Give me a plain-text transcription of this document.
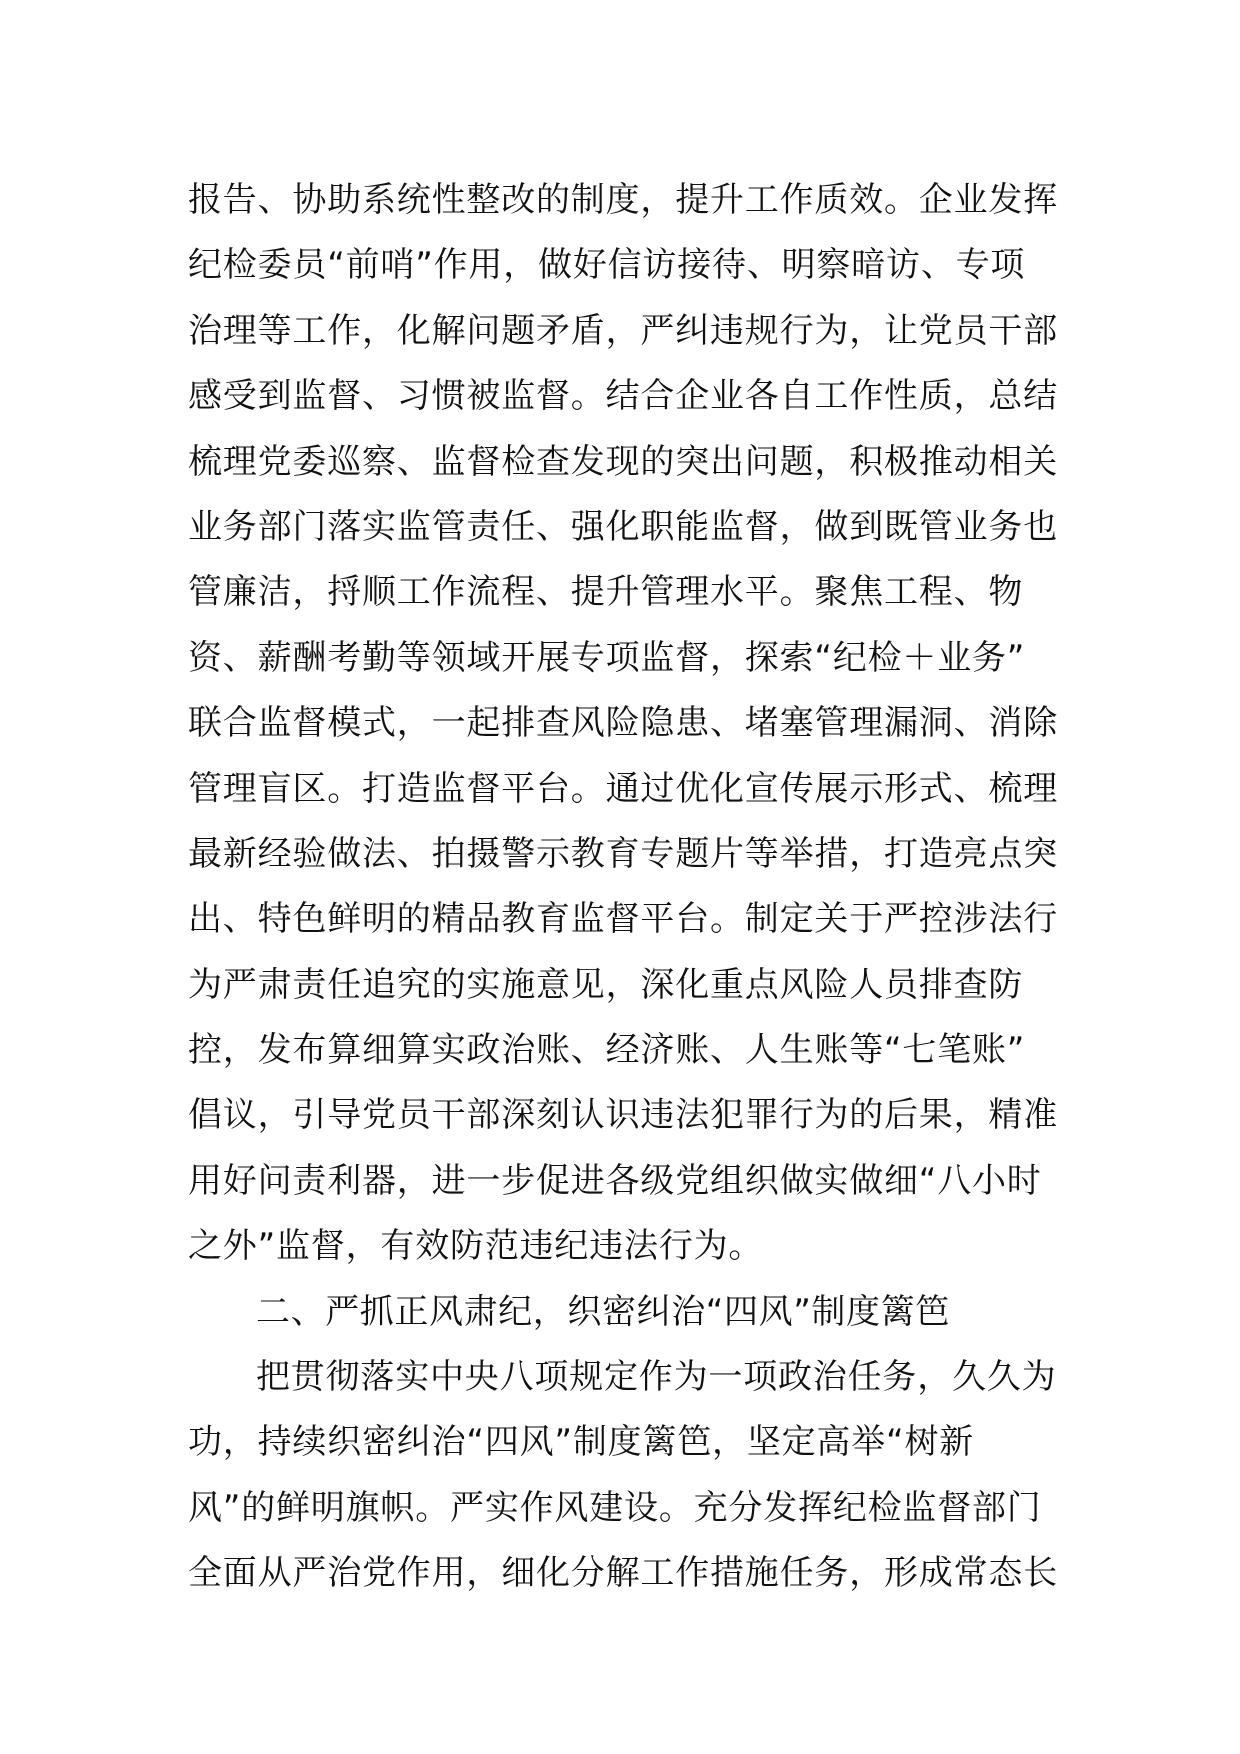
报告、协助系统性整改的制度，提升工作质效。企业发挥
纪检委员“前哨”作用，做好信访接待、明察暗访、专项
治理等工作，化解问题矛盾，严纠违规行为，让党员干部
感受到监督、习惯被监督。结合企业各自工作性质，总结
梳理党委巡察、监督检查发现的突出问题，积极推动相关
业务部门落实监管责任、强化职能监督，做到既管业务也
管廉洁，捋顺工作流程、提升管理水平。聚焦工程、物
资、薪酬考勤等领域开展专项监督，探索“纪检＋业务”
联合监督模式，一起排查风险隐患、堵塞管理漏洞、消除
管理盲区。打造监督平台。通过优化宣传展示形式、梳理
最新经验做法、拍摄警示教育专题片等举措，打造亮点突
出、特色鲜明的精品教育监督平台。制定关于严控涉法行
为严肃责任追究的实施意见，深化重点风险人员排查防
控，发布算细算实政治账、经济账、人生账等“七笔账”
倡议，引导党员干部深刻认识违法犯罪行为的后果，精准
用好问责利器，进一步促进各级党组织做实做细“八小时
之外”监督，有效防范违纪违法行为。
二、严抓正风肃纪，织密纠治“四风”制度篱笆
把贯彻落实中央八项规定作为一项政治任务，久久为
功，持续织密纠治“四风”制度篱笆，坚定高举“树新
风”的鲜明旗帜。严实作风建设。充分发挥纪检监督部门
全面从严治党作用，细化分解工作措施任务，形成常态长
